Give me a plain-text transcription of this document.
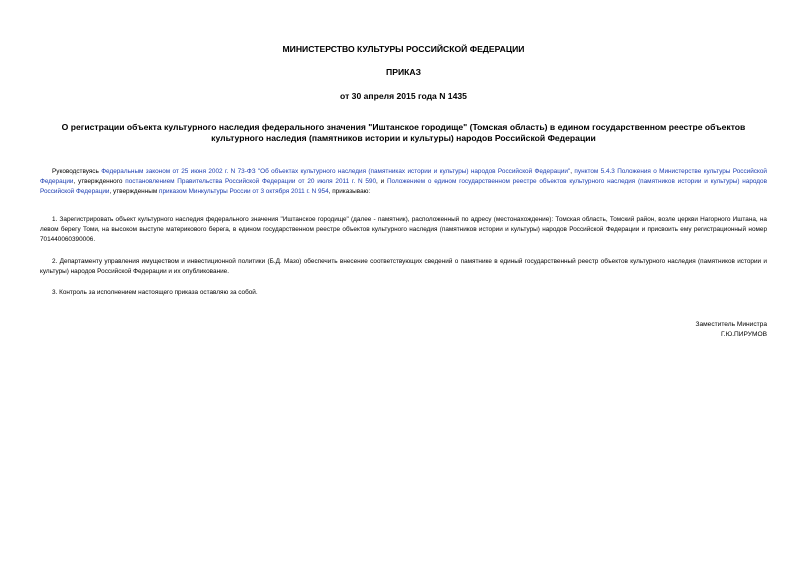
МИНИСТЕРСТВО КУЛЬТУРЫ РОССИЙСКОЙ ФЕДЕРАЦИИ
ПРИКАЗ
от 30 апреля 2015 года N 1435
О регистрации объекта культурного наследия федерального значения "Иштанское городище" (Томская область) в едином государственном реестре объектов культурного наследия (памятников истории и культуры) народов Российской Федерации
Руководствуясь Федеральным законом от 25 июня 2002 г. N 73-ФЗ "Об объектах культурного наследия (памятниках истории и культуры) народов Российской Федерации", пунктом 5.4.3 Положения о Министерстве культуры Российской Федерации, утвержденного постановлением Правительства Российской Федерации от 20 июля 2011 г. N 590, и Положением о едином государственном реестре объектов культурного наследия (памятников истории и культуры) народов Российской Федерации, утвержденным приказом Минкультуры России от 3 октября 2011 г. N 954, приказываю:
1. Зарегистрировать объект культурного наследия федерального значения "Иштанское городище" (далее - памятник), расположенный по адресу (местонахождение): Томская область, Томский район, возле церкви Нагорного Иштана, на левом берегу Томи, на высоком выступе материкового берега, в едином государственном реестре объектов культурного наследия (памятников истории и культуры) народов Российской Федерации и присвоить ему регистрационный номер 701440060390006.
2. Департаменту управления имуществом и инвестиционной политики (Б.Д. Мазо) обеспечить внесение соответствующих сведений о памятнике в единый государственный реестр объектов культурного наследия (памятников истории и культуры) народов Российской Федерации и их опубликование.
3. Контроль за исполнением настоящего приказа оставляю за собой.
Заместитель Министра
Г.Ю.ПИРУМОВ
